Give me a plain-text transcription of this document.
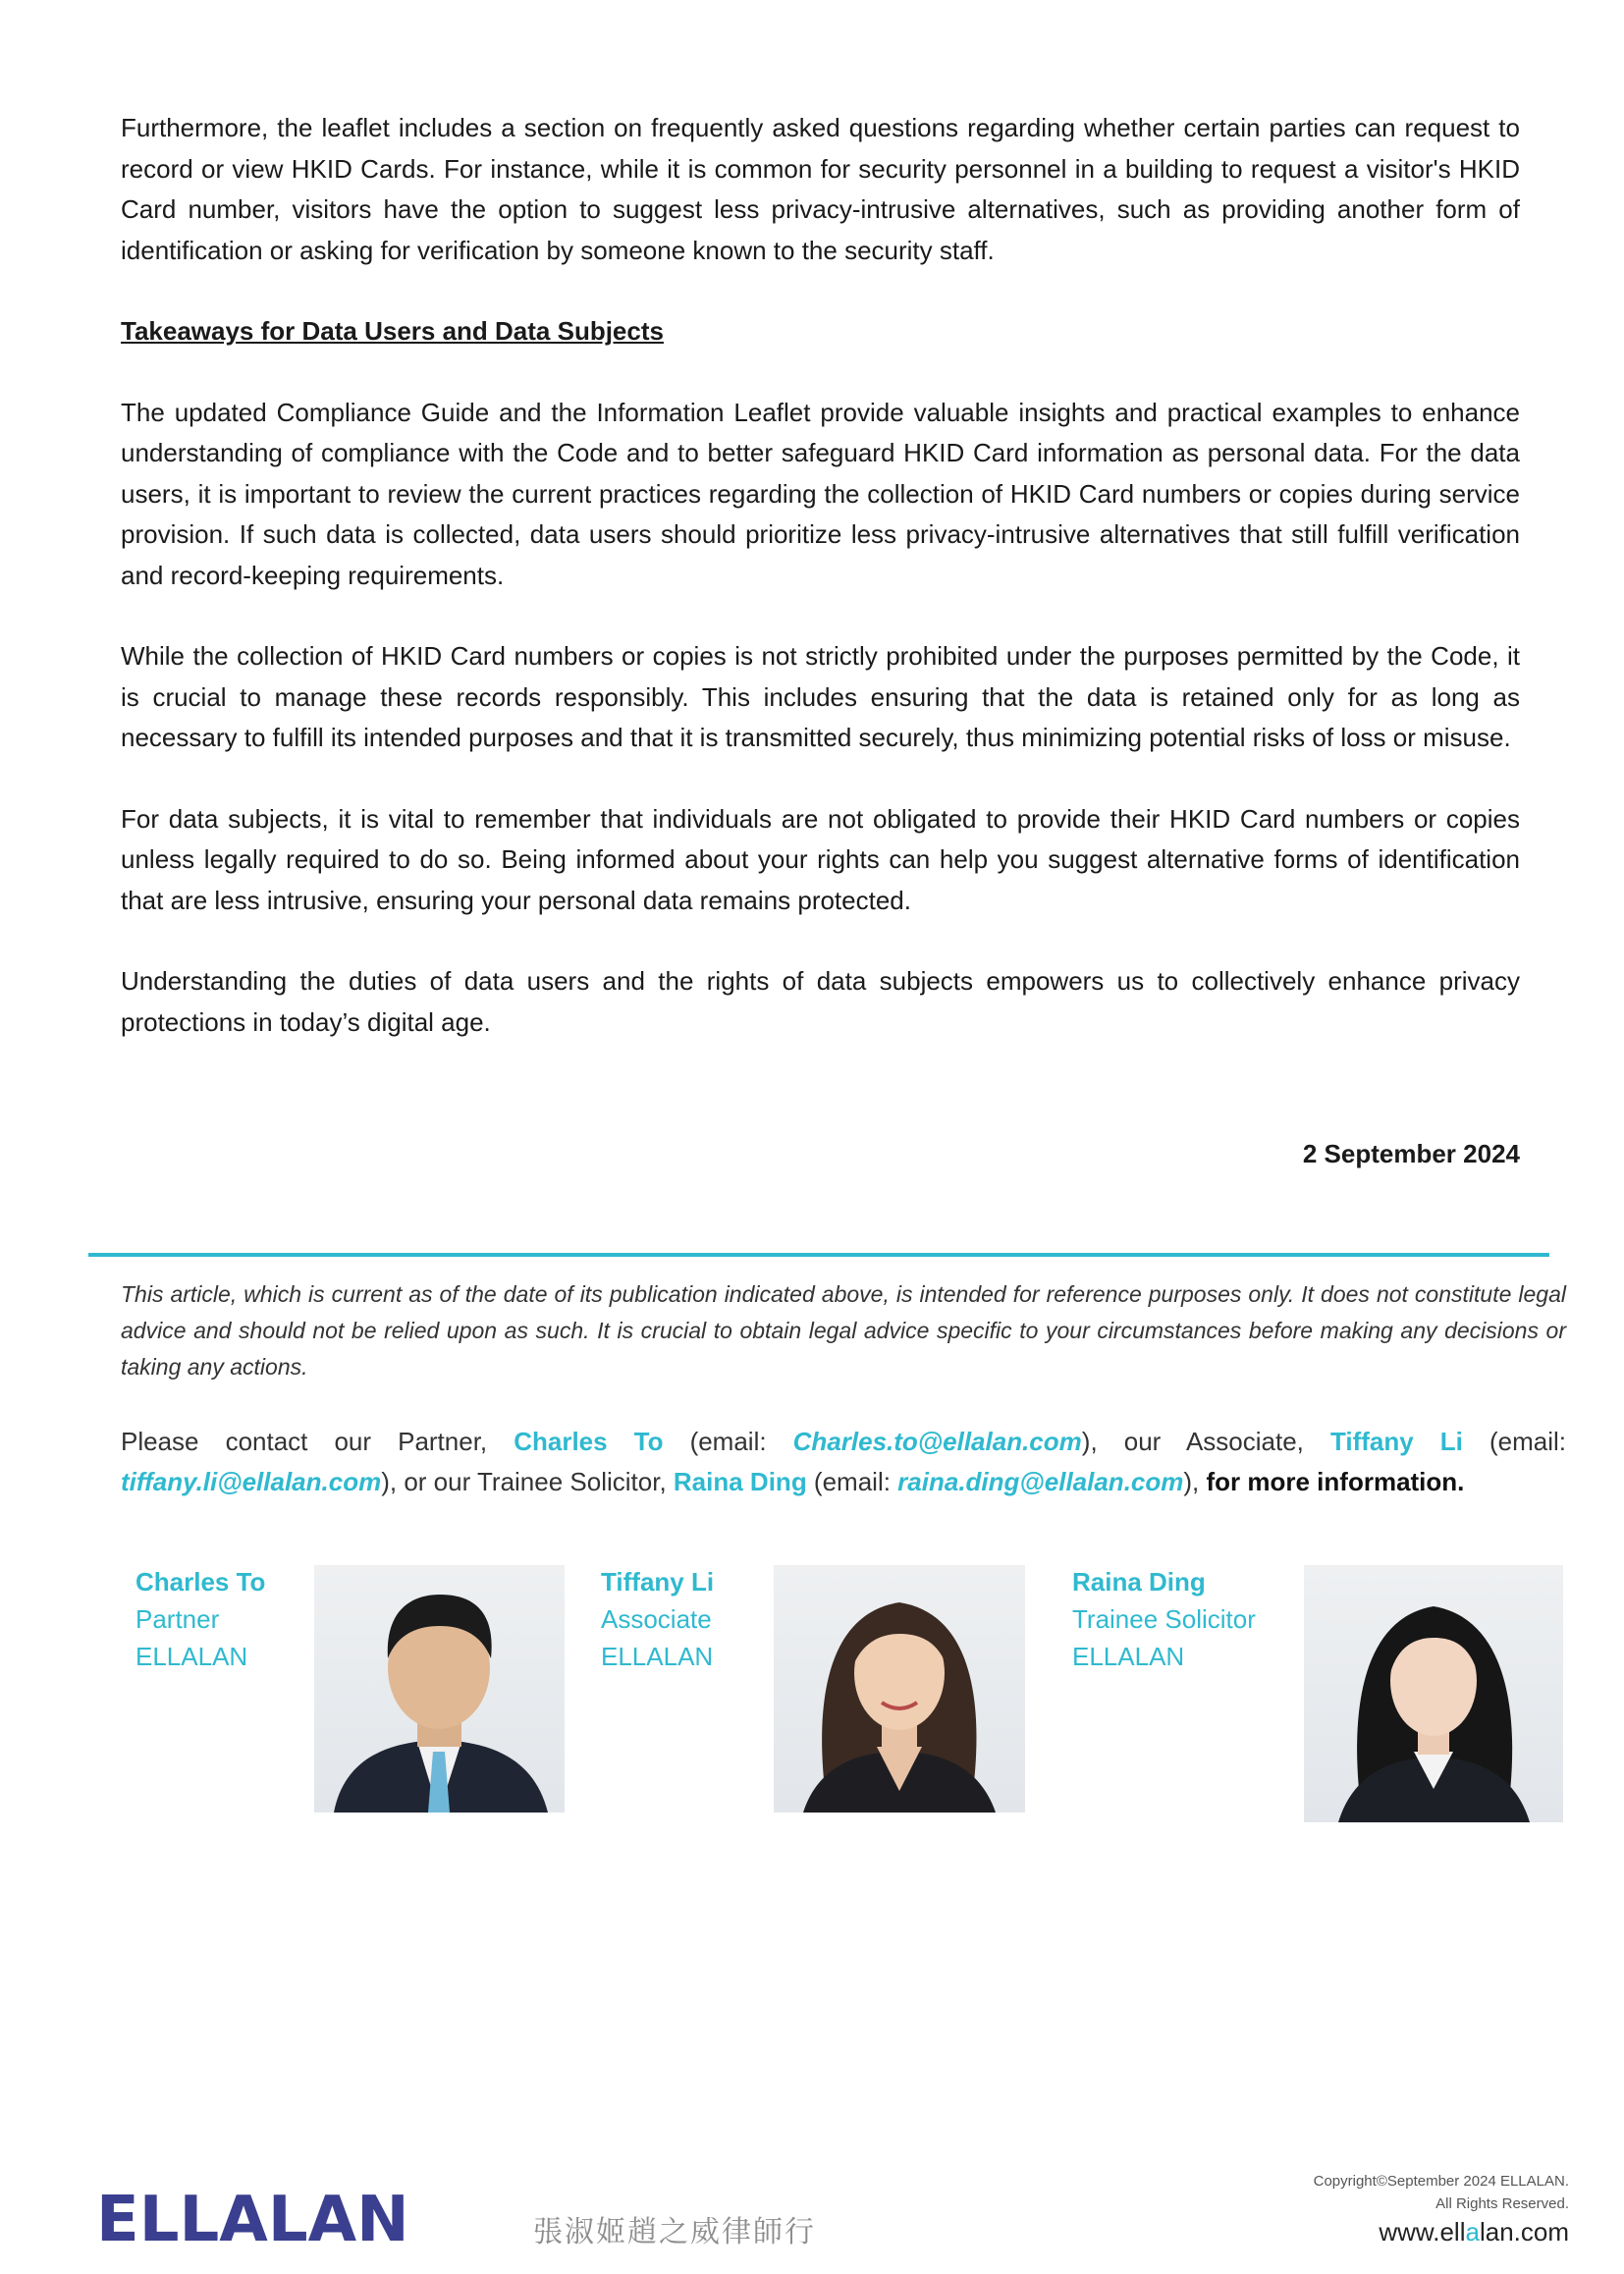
Furthermore, the leaflet includes a section on frequently asked questions regarding whether certain parties can request to record or view HKID Cards. For instance, while it is common for security personnel in a building to request a visitor's HKID Card number, visitors have the option to suggest less privacy-intrusive alternatives, such as providing another form of identification or asking for verification by someone known to the security staff.

Takeaways for Data Users and Data Subjects

The updated Compliance Guide and the Information Leaflet provide valuable insights and practical examples to enhance understanding of compliance with the Code and to better safeguard HKID Card information as personal data. For the data users, it is important to review the current practices regarding the collection of HKID Card numbers or copies during service provision. If such data is collected, data users should prioritize less privacy-intrusive alternatives that still fulfill verification and record-keeping requirements.

While the collection of HKID Card numbers or copies is not strictly prohibited under the purposes permitted by the Code, it is crucial to manage these records responsibly. This includes ensuring that the data is retained only for as long as necessary to fulfill its intended purposes and that it is transmitted securely, thus minimizing potential risks of loss or misuse.

For data subjects, it is vital to remember that individuals are not obligated to provide their HKID Card numbers or copies unless legally required to do so. Being informed about your rights can help you suggest alternative forms of identification that are less intrusive, ensuring your personal data remains protected.

Understanding the duties of data users and the rights of data subjects empowers us to collectively enhance privacy protections in today’s digital age.

2 September 2024

This article, which is current as of the date of its publication indicated above, is intended for reference purposes only. It does not constitute legal advice and should not be relied upon as such. It is crucial to obtain legal advice specific to your circumstances before making any decisions or taking any actions.

Please contact our Partner, Charles To (email: Charles.to@ellalan.com), our Associate, Tiffany Li (email: tiffany.li@ellalan.com), or our Trainee Solicitor, Raina Ding (email: raina.ding@ellalan.com), for more information.

Charles To
Partner
ELLALAN
Tiffany Li
Associate
ELLALAN
Raina Ding
Trainee Solicitor
ELLALAN
ELLALAN	張淑姬趙之威律師行
Copyright©September 2024 ELLALAN.
All Rights Reserved.
www.ellalan.com
